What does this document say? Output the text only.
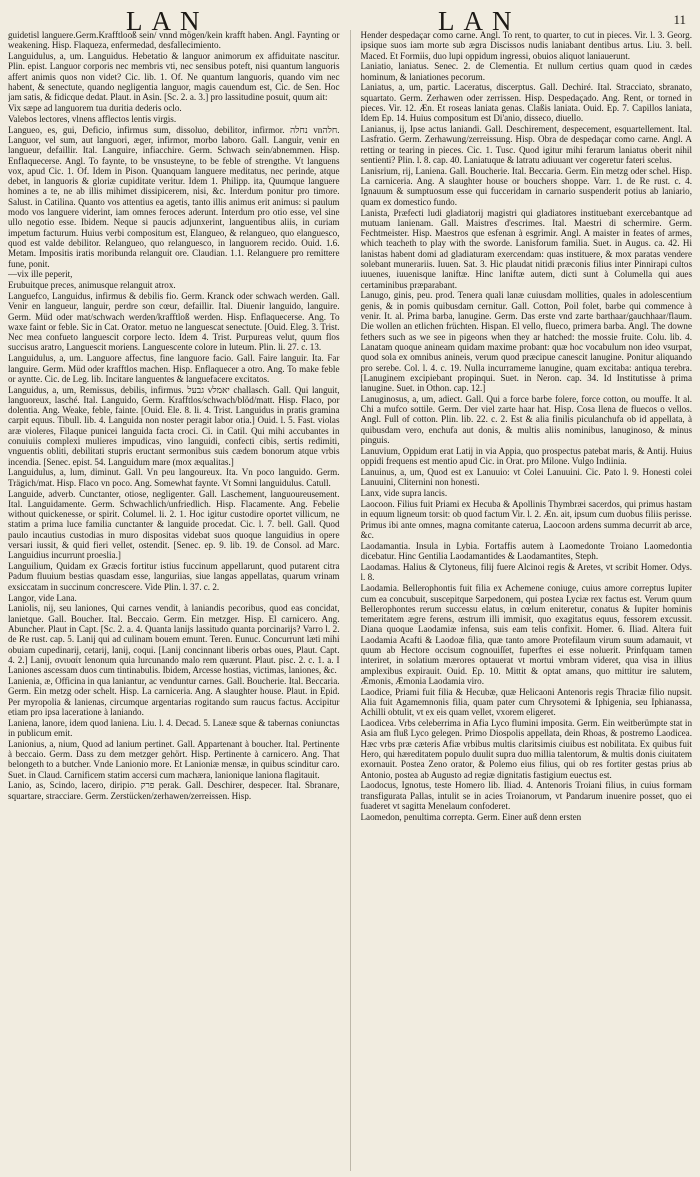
LAN	LAN	11

guidetisl languere.Germ.Krafftlooß sein/ vnnd mögen/kein krafft haben. Angl. Faynting or weakening. Hisp. Flaqueza, enfermedad, desfallecimiento.

Languidulus, a, um. Languidus. Hebetatio & languor animorum ex affiduitate nascitur. Plin. epist. Languor corporis nec membris vti, nec sensibus poteft, nisi quantum languoris affert animis quos non videt? Cic. lib. 1. Of. Ne quantum languoris, quando vim nec habent, & senectute, quando negligentia languor, magis cauendum est, Cic. de Sen. Hoc jam satis, & fidicque dedat. Plaut. in Asin. [Sc. 2. a. 3.] pro lassitudine posuit, quum ait:

Vix sæpe ad languorem tua duritia dederis oclo.

Valebos lectores, vlnens afflectos lentis virgis.

Langueo, es, gui, Deficio, infirmus sum, dissoluo, debilitor, infirmor. נחלה vnחלה. Languor, vel sum, aut languori, æger, infirmor, morbo laboro. Gall. Languir, venir en langueur, defaillir. Ital. Languire, infiacchire. Germ. Schwach sein/abnemmen. Hisp. Enflaquecerse. Angl. To faynte, to be vnsusteyne, to be feble of strengthe. Vt languens vox, apud Cic. 1. Of. Idem in Pison. Quanquam languere meditatus, nec perinde, atque debet, in languoris & gloriæ cupiditate veritur. Idem 1. Philipp. ita, Quumque languere homines a te, ne ab illis mihimet dissipicerem, nisi, &c. Interdum ponitur pro timore. Salust. in Catilina. Quanto vos attentius ea agetis, tanto illis animus erit animus: si paulum modo vos languere viderint, iam omnes feroces aderunt. Interdum pro otio esse, vel sine ullo negotio esse. Ibidem. Neque si paucis adjunxerint, languentibus aliis, in curiam impetum facturum. Huius verbi compositum est, Elangueo, & relangueo, quo elanguesco, quod est valde debilitor. Relangueo, quo relanguesco, in languorem recido. Ouid. 1.6. Metam. Impositis iratis moribunda relanguit ore. Claudian. 1.1. Relanguere pro remittere fune, ponit.

—vix ille peperit,

Erubuitque preces, animusque relanguit atrox.

Languefco, Languidus, infirmus & debilis fio. Germ. Kranck oder schwach werden. Gall. Venir en langueur, languir, perdre son cœur, defaillir. Ital. Diuenir languido, languire. Germ. Müd oder mat/schwach werden/krafftloß werden. Hisp. Enflaquecerse. Ang. To waxe faint or feble. Sic in Cat. Orator. metuo ne languescat senectute. [Ouid. Eleg. 3. Trist. Nec mea confueto languescit corpore lecto. Idem 4. Trist. Purpureas velut, quum flos succisus aratro, Languescit moriens. Languescente colore in luteum. Plin. li. 27. c. 13.

Languidulus, a, um. Languore affectus, fine languore facio. Gall. Faire languir. Ita. Far languire. Germ. Müd oder krafftlos machen. Hisp. Enflaquecer a otro. Ang. To make feble or ayntte. Cic. de Leg. lib. Incitare languentes & languefacere excitatos.

Languidus, a, um, Remissus, debilis, infirmus. גבעל vיאמל challasch. Gall. Qui languit, languoreux, lasché. Ital. Languido, Germ. Krafftlos/schwach/blöd/matt. Hisp. Flaco, por dolentia. Ang. Weake, feble, fainte. [Ouid. Ele. 8. li. 4. Trist. Languidus in pratis gramina carpit equus. Tibull. lib. 4. Languida non noster peragit labor otia.] Ouid. l. 5. Fast. violas aræ violeres, Filaque punicei languida facta croci. Ci. in Catil. Qui mihi accubantes in conuiuiis complexi mulieres impudicas, vino languidi, confecti cibis, sertis redimiti, vnguentis obliti, debilitati stupris eructant sermonibus suis cædem bonorum atque vrbis incendia. [Senec. epist. 54. Languidum mare (mox æqualitas.]

Languidulus, a, lum, diminut. Gall. Vn peu langoureux. Ita. Vn poco languido. Germ. Trägich/mat. Hisp. Flaco vn poco. Ang. Somewhat faynte. Vt Somni languidulus. Catull.

Languide, adverb. Cunctanter, otiose, negligenter. Gall. Laschement, languoureusement. Ital. Languidamente. Germ. Schwachlich/unfriedlich. Hisp. Flacamente. Ang. Febelie without quickenesse, or spirit. Columel. li. 2. 1. Hoc igitur custodire oportet villicum, ne statim a prima luce familia cunctanter & languide procedat. Cic. l. 7. bell. Gall. Quod paulo incautius custodias in muro dispositas videbat suos quoque languidius in opere versari iussit, & quid fieri vellet, ostendit. [Senec. ep. 9. lib. 19. de Consol. ad Marc. Languidius incurrunt proeslia.]

Languilium, Quidam ex Græcis fortitur istius fuccinum appellarunt, quod putarent citra Padum fluuium bestias quasdam esse, languriias, siue langas appellatas, quarum vrinam exsiccatam in succinum concrescere. Vide Plin. l. 37. c. 2.

Langor, vide Lana.

Laniolis, nij, seu laniones, Qui carnes vendit, à laniandis pecoribus, quod eas concidat, lanietque. Gall. Boucher. Ital. Beccaio. Germ. Ein metzger. Hisp. El carnicero. Ang. Abuncher. Plaut in Capt. [Sc. 2. a. 4. Quanta lanijs lassitudo quanta porcinarijs? Varro l. 2. de Re rust. cap. 5. Lanij qui ad culinam bouem emunt. Teren. Eunuc. Concurrunt læti mihi obuiam cupedinarij, cetarij, lanij, coqui. [Lanij concinnant liberis orbas oues, Plaut. Capt. 4. 2.] Lanij, σνιυαίτ lenonum quia lurcunando malo rem quærunt. Plaut. pisc. 2. c. 1. a. I Laniones ascessam duos cum tintinabulis. Ibidem, Arcesse hostias, victimas, laniones, &c.

Lanienia, æ, Officina in qua laniantur, ac venduntur carnes. Gall. Boucherie. Ital. Beccaria. Germ. Ein metzg oder schelt. Hisp. La carniceria. Ang. A slaughter house. Plaut. in Epid. Per myropolia & lanienas, circumque argentarias rogitando sum raucus factus. Accipitur etiam pro ipsa laceratione à laniando.

Laniena, lanore, idem quod laniena. Liu. l. 4. Decad. 5. Laneæ sque & tabernas coniunctas in publicum emit.

Lanionius, a, nium, Quod ad lanium pertinet. Gall. Appartenant à boucher. Ital. Pertinente à beccaio. Germ. Dass zu dem metzger gehört. Hisp. Pertinente à carnicero. Ang. That belongeth to a butcher. Vnde Lanionio more. Et Lanioniæ mensæ, in quibus scinditur caro. Suet. in Claud. Carnificem statim accersi cum machæra, lanionique laniona flagitauit.

Lanio, as, Scindo, lacero, diripio. פרק perak. Gall. Deschirer, despecer. Ital. Sbranare, squartare, stracciare. Germ. Zerstücken/zerhawen/zerreissen. Hisp.

Hender despedaçar como carne. Angl. To rent, to quarter, to cut in pieces. Vir. l. 3. Georg. ipsique suos iam morte sub ægra Discissos nudis laniabant dentibus artus. Liu. 3. bell. Maced. Et Formiis, duo lupi oppidum ingressi, obuios aliquot laniauerunt.

Laniatio, laniatus. Senec. 2. de Clementia. Et nullum certius quam quod in cædes hominum, & laniationes pecorum.

Laniatus, a, um, partic. Laceratus, discerptus. Gall. Dechiré. Ital. Stracciato, sbranato, squartato. Germ. Zerhawen oder zerrissen. Hisp. Despedaçado. Ang. Rent, or torned in pieces. Vir. 12. Æn. Et roseas laniata genas. Claßis laniata. Ouid. Ep. 7. Capillos laniata, Idem Ep. 14. Huius compositum est Di'anio, disseco, diuello.

Lanianus, ij, Ipse actus laniandi. Gall. Deschirement, despecement, esquartellement. Ital. Lasfratio. Germ. Zerhawung/zerreissung. Hisp. Obra de despedaçar como carne. Angl. A retting or tearing in pieces. Cic. 1. Tusc. Quod igitur mihi ferarum laniatus oberit nihil sentienti? Plin. l. 8. cap. 40. Laniatuque & latratu adiuuant ver cogeretur fateri scelus.

Lanisrium, rij, Laniena. Gall. Boucherie. Ital. Beccaria. Germ. Ein metzg oder schel. Hisp. La carniceria. Ang. A slaughter house or bouchers shoppe. Varr. 1. de Re rust. c. 4. Ignauum & sumptuosum esse qui fucceridam in carnario suspenderit potius ab laniario, quam ex domestico fundo.

Lanista, Præfecti ludi gladiatorij magistri qui gladiatores instituebant exercebantque ad mutuam lanienam. Gall. Maistres d'escrimes. Ital. Maestri di schermire. Germ. Fechtmeister. Hisp. Maestros que esfenan à esgrimir. Angl. A maister in feates of armes, which teacheth to play with the sworde. Lanisforum familia. Suet. in Augus. ca. 42. Hi lanistas habent domi ad gladiaturam exercendam: quas instituere, & mox paratas vendere solebant munerariis. Iuuen. Sat. 3. Hic plaudat nitidi præconis filius inter Pinnirapi cultos iuuenes, iuuenisque laniftæ. Hinc laniftæ autem, dicti sunt à Columella qui aues certaminibus præparabant.

Lanugo, ginis, peu. prod. Tenera quali lanæ cuiusdam mollities, quales in adolescentium genis, & in pomis quibusdam cernitur. Gall. Cotton, Poil folet, barbe qui commence à venir. It. al. Prima barba, lanugine. Germ. Das erste vnd zarte barthaar/gauchhaar/flaum. Die wollen an etlichen früchten. Hispan. El vello, flueco, primera barba. Angl. The downe fethers such as we see in pigeons when they ar hatched: the mossie fruite. Colu. lib. 4. Lanatam quoque anineam quidam maxime probant: quæ hoc vocabulum non ideo vsurpat, quod sola ex omnibus anineis, verum quod præcipue canescit lanugine. Ponitur aliquando pro serebe. Col. l. 4. c. 19. Nulla incurrameme lanugine, quam excitaba: antiqua terebra. [Lanuginem excipiebant propinqui. Suet. in Neron. cap. 34. Id Institutisse à prima lanugine. Suet. in Othon. cap. 12.]

Lanuginosus, a, um, adiect. Gall. Qui a force barbe folere, force cotton, ou mouffe. It al. Chi a mufco sottile. Germ. Der viel zarte haar hat. Hisp. Cosa llena de fluecos o vellos. Angl. Full of cotton. Plin. lib. 22. c. 2. Est & alia finilis piculanchufa ob id appellata, à quibusdam vero, enchufa aut donis, & multis aliis nominibus, lanuginoso, & minus pinguis.

Lanuvium, Oppidum erat Latij in via Appia, quo prospectus patebat maris, & Antij. Huius oppidi frequens est mentio apud Cic. in Orat. pro Milone. Vulgo Indiinia.

Lanuinus, a, um, Quod est ex Lanuuio: vt Colei Lanuuini. Cic. Pato l. 9. Honesti colei Lanuuini, Cliternini non honesti.

Lanx, vide supra lancis.

Laocoon. Filius fuit Priami ex Hecuba & Apollinis Thymbræi sacerdos, qui primus hastam in equum ligneum torsit: ob quod factum Vir. l. 2. Æn. ait, ipsum cum duobus filiis perisse.

Primus ibi ante omnes, magna comitante caterua, Laocoon ardens summa decurrit ab arce, &c.

Laodamantia. Insula in Lybia. Fortaffis autem à Laomedonte Troiano Laomedontia dicebatur. Hinc Gentilia Laodamantides & Laodamantites, Steph.

Laodamas. Halius & Clytoneus, filij fuere Alcinoi regis & Aretes, vt scribit Homer. Odys. l. 8.

Laodamia. Bellerophontis fuit filia ex Achemene coniuge, cuius amore correptus Iupiter cum ea concubuit, suscepitque Sarpedonem, qui postea Lyciæ rex factus est. Verum quum Bellerophontes rerum successu elatus, in cœlum eniteretur, conatus & Iupiter hominis temeritatem ægre ferens, œstrum illi immisit, quo exagitatus equus, fessorem excussit. Diana quoque Laodamiæ infensa, suis eam telis confixit. Homer. 6. Iliad. Altera fuit Laodamia Acafti & Laodoæ filia, quæ tanto amore Protefilaum virum suum adamauit, vt quum ab Hectore occisum cognouiſſet, fuperftes ei esse noluerit. Prinfquam tamen interiret, in solatium mærores optauerat vt mortui vmbram videret, qua visa in illius amplexibus expirauit. Ouid. Ep. 10. Mittit & optat amans, quo mittitur ire salutem, Æmonis, Æmonia Laodamia viro.

Laodice, Priami fuit filia & Hecubæ, quæ Helicaoni Antenoris regis Thraciæ filio nupsit. Alia fuit Agamemnonis filia, quam pater cum Chrysotemi & Iphigenia, seu Iphianassa, Achilli obtulit, vt ex eis quam vellet, vxorem eligeret.

Laodicea. Vrbs celeberrima in Afia Lyco flumini imposita. Germ. Ein weitberümpte stat in Asia am fluß Lyco gelegen. Primo Diospolis appellata, dein Rhoas, & postremo Laodicea. Hæc vrbs præ cæteris Afiæ vrbibus multis claritsimis ciuibus est nobilitata. Ex quibus fuit Hero, qui hæreditatem populo duulit supra duo millia talentorum, & multis donis ciuitatem exornauit. Postea Zeno orator, & Polemo eius filius, qui ob res fortiter gestas prius ab Antonio, postea ab Augusto ad regiæ dignitatis fastigium euectus est.

Laodocus, Ignotus, teste Homero lib. Iliad. 4. Antenoris Troiani filius, in cuius formam transfigurata Pallas, intulit se in acies Troianorum, vt Pandarum inuenire posset, quo ei fuaderet vt sagitta Menelaum confoderet.

Laomedon, penultima correpta. Germ. Einer auß denn ersten
